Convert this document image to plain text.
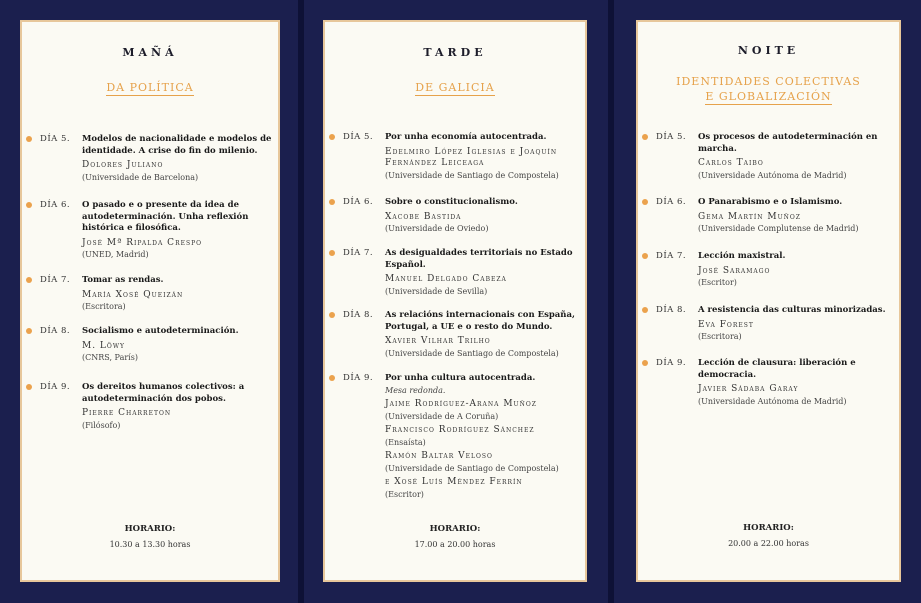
MAÑÁ
DA POLÍTICA
DÍA 5. Modelos de nacionalidade e modelos de identidade. A crise do fin do milenio.
Dolores Juliano
(Universidade de Barcelona)
DÍA 6. O pasado e o presente da idea de autodeterminación. Unha reflexión histórica e filosófica.
José Mª Ripalda Crespo
(UNED, Madrid)
DÍA 7. Tomar as rendas.
María Xosé Queizán
(Escritora)
DÍA 8. Socialismo e autodeterminación.
M. Löwy
(CNRS, París)
DÍA 9. Os dereitos humanos colectivos: a autodeterminación dos pobos.
Pierre Charreton
(Filósofo)
HORARIO:
10.30 a 13.30 horas
TARDE
DE GALICIA
DÍA 5. Por unha economía autocentrada.
Edelmiro López Iglesias e Joaquín Fernández Leiceaga
(Universidade de Santiago de Compostela)
DÍA 6. Sobre o constitucionalismo.
Xacobe Bastida
(Universidade de Oviedo)
DÍA 7. As desigualdades territoriais no Estado Español.
Manuel Delgado Cabeza
(Universidade de Sevilla)
DÍA 8. As relacións internacionais con España, Portugal, a UE e o resto do Mundo.
Xavier Vilhar Trilho
(Universidade de Santiago de Compostela)
DÍA 9. Por unha cultura autocentrada.
Mesa redonda.
Jaime Rodríguez-Arana Muñoz
(Universidade de A Coruña)
Francisco Rodríguez Sánchez
(Ensaísta)
Ramón Baltar Veloso
(Universidade de Santiago de Compostela)
e Xosé Luís Méndez Ferrín
(Escritor)
HORARIO:
17.00 a 20.00 horas
NOITE
IDENTIDADES COLECTIVAS
E GLOBALIZACIÓN
DÍA 5. Os procesos de autodeterminación en marcha.
Carlos Taibo
(Universidade Autónoma de Madrid)
DÍA 6. O Panarabismo e o Islamismo.
Gema Martín Muñoz
(Universidade Complutense de Madrid)
DÍA 7. Lección maxistral.
José Saramago
(Escritor)
DÍA 8. A resistencia das culturas minorizadas.
Eva Forest
(Escritora)
DÍA 9. Lección de clausura: liberación e democracia.
Javier Sádaba Garay
(Universidade Autónoma de Madrid)
HORARIO:
20.00 a 22.00 horas
